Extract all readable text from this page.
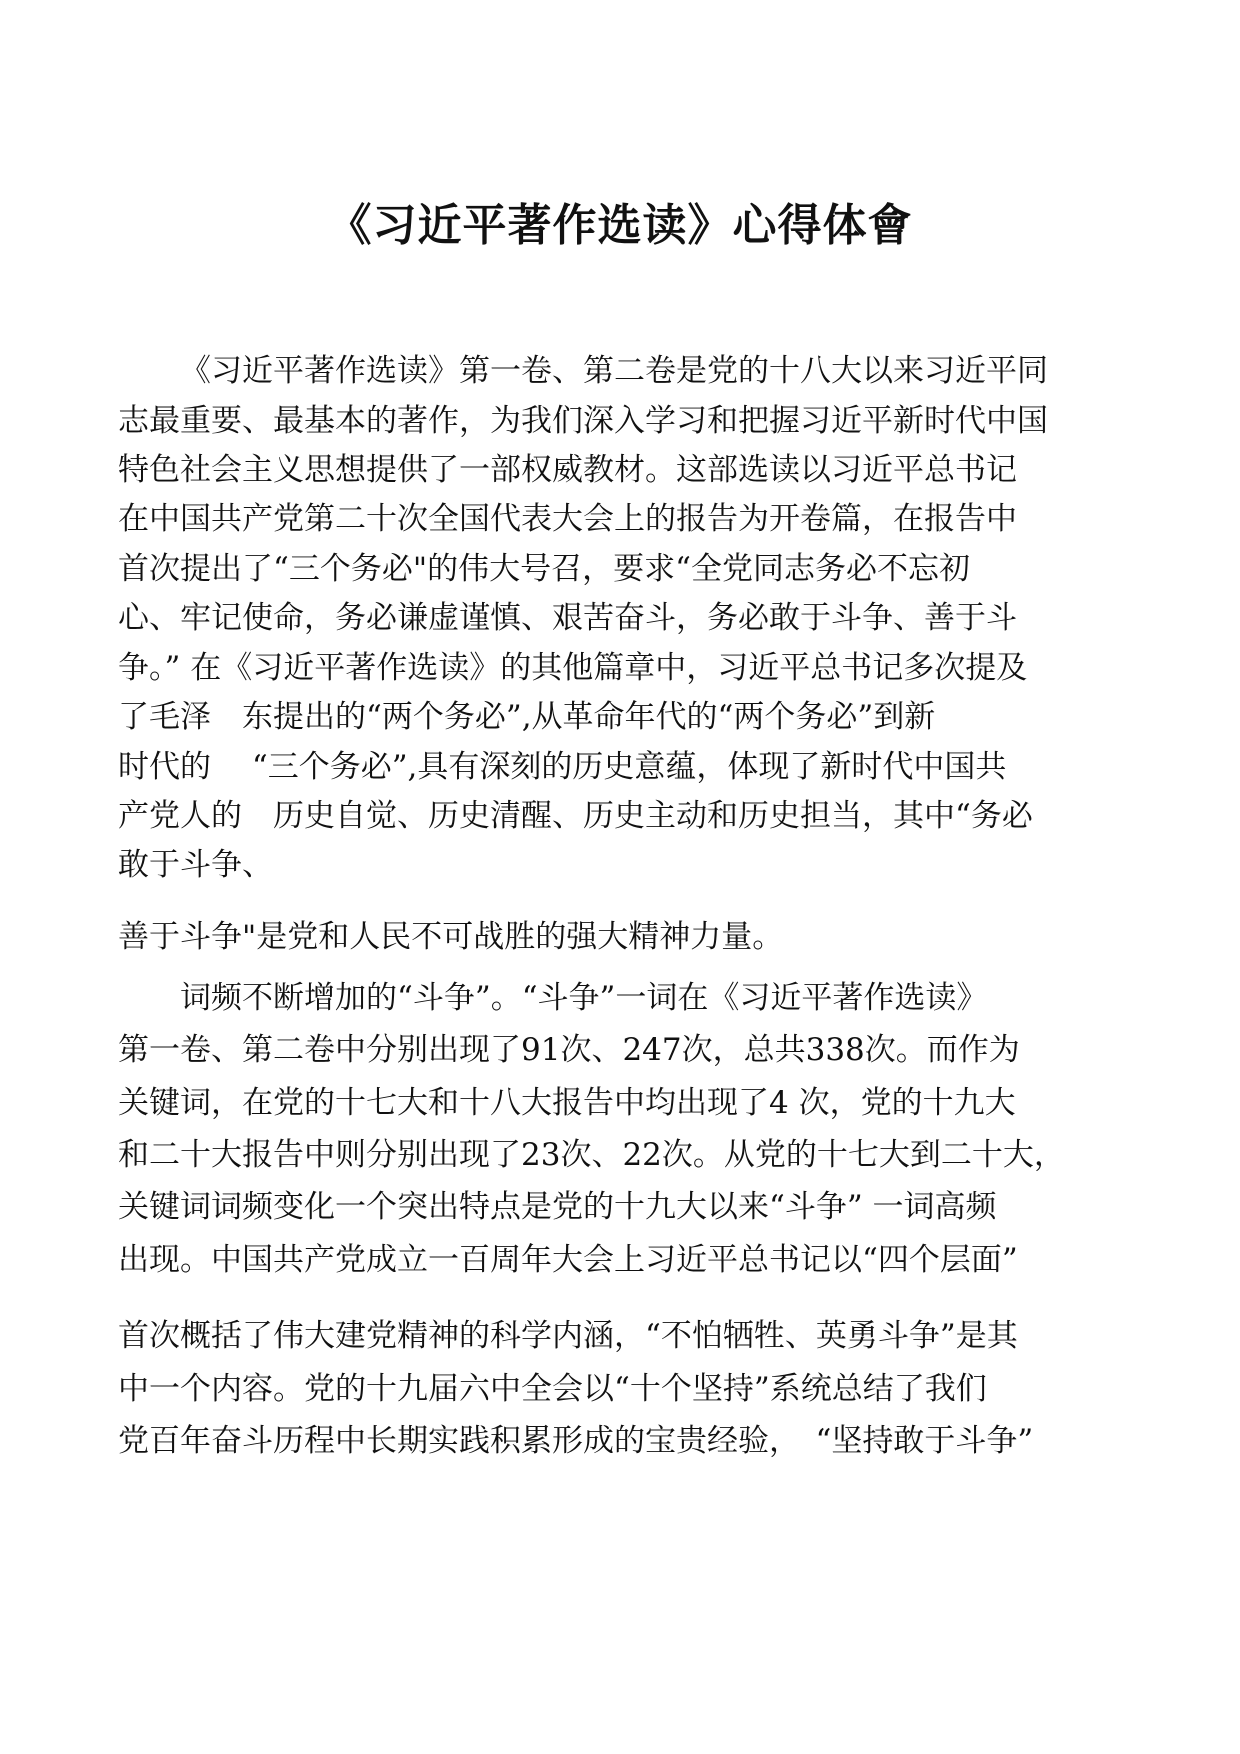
《习近平著作选读》心得体會

《习近平著作选读》第一卷、第二卷是党的十八大以来习近平同

志最重要、最基本的著作，为我们深入学习和把握习近平新时代中国

特色社会主义思想提供了一部权威教材。这部选读以习近平总书记

在中国共产党第二十次全国代表大会上的报告为开卷篇，在报告中

首次提出了“三个务必"的伟大号召，要求“全党同志务必不忘初

心、牢记使命，务必谦虚谨慎、艰苦奋斗，务必敢于斗争、善于斗

争。” 在《习近平著作选读》的其他篇章中，习近平总书记多次提及

了毛泽　东提出的“两个务必”,从革命年代的“两个务必”到新

时代的　 “三个务必”,具有深刻的历史意蕴，体现了新时代中国共

产党人的　历史自觉、历史清醒、历史主动和历史担当，其中“务必

敢于斗争、

善于斗争"是党和人民不可战胜的强大精神力量。

词频不断增加的“斗争”。“斗争”一词在《习近平著作选读》

第一卷、第二卷中分别出现了91次、247次，总共338次。而作为

关键词，在党的十七大和十八大报告中均出现了4 次，党的十九大

和二十大报告中则分别出现了23次、22次。从党的十七大到二十大，

关键词词频变化一个突出特点是党的十九大以来“斗争” 一词高频

出现。中国共产党成立一百周年大会上习近平总书记以“四个层面”

首次概括了伟大建党精神的科学内涵，“不怕牺牲、英勇斗争”是其

中一个内容。党的十九届六中全会以“十个坚持”系统总结了我们

党百年奋斗历程中长期实践积累形成的宝贵经验，　“坚持敢于斗争”
